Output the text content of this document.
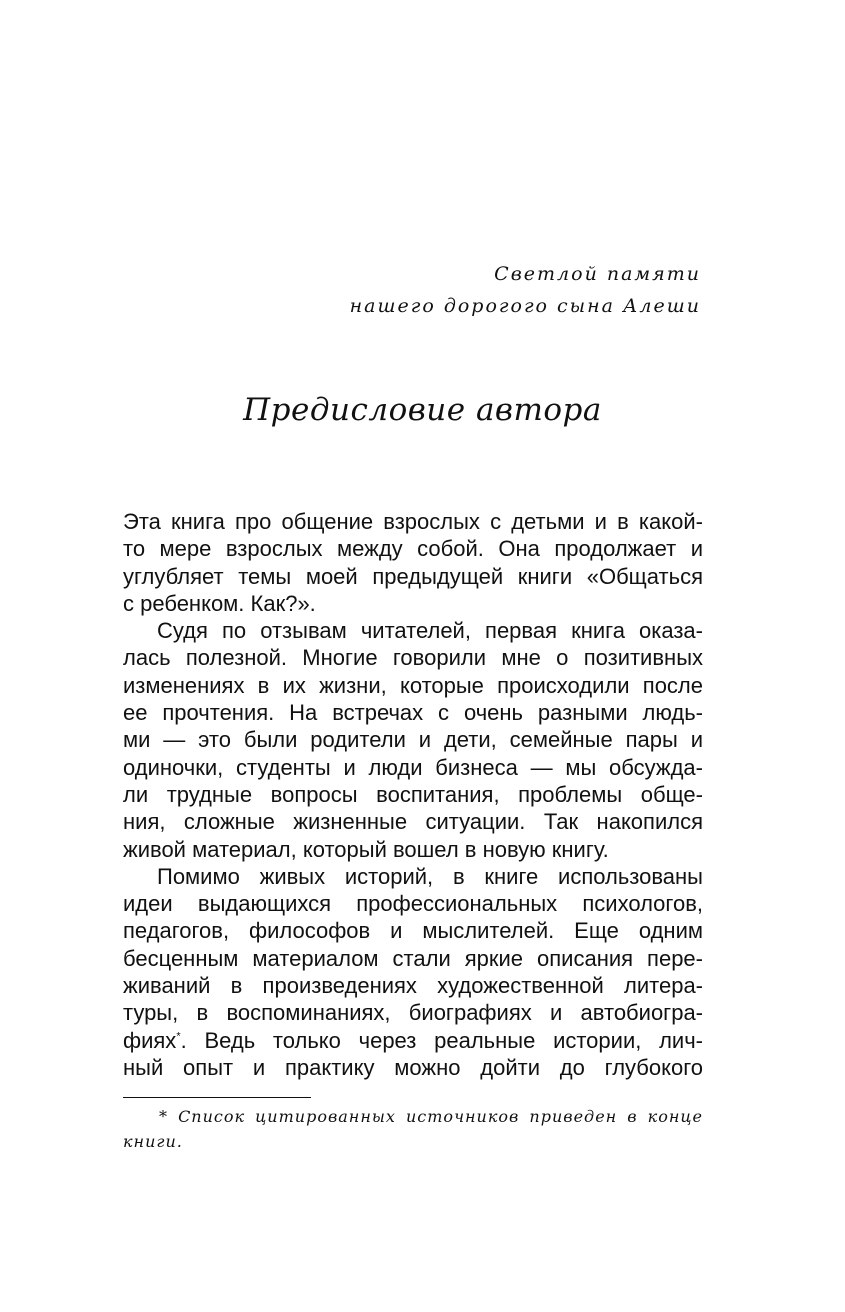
Светлой памяти
нашего дорогого сына Алеши
Предисловие автора
Эта книга про общение взрослых с детьми и в какой-
то мере взрослых между собой. Она продолжает и
углубляет темы моей предыдущей книги «Общаться
с ребенком. Как?».
Судя по отзывам читателей, первая книга оказа-
лась полезной. Многие говорили мне о позитивных
изменениях в их жизни, которые происходили после
ее прочтения. На встречах с очень разными людь-
ми — это были родители и дети, семейные пары и
одиночки, студенты и люди бизнеса — мы обсужда-
ли трудные вопросы воспитания, проблемы обще-
ния, сложные жизненные ситуации. Так накопился
живой материал, который вошел в новую книгу.
Помимо живых историй, в книге использованы
идеи выдающихся профессиональных психологов,
педагогов, философов и мыслителей. Еще одним
бесценным материалом стали яркие описания пере-
живаний в произведениях художественной литера-
туры, в воспоминаниях, биографиях и автобиогра-
фиях*. Ведь только через реальные истории, лич-
ный опыт и практику можно дойти до глубокого
* Список цитированных источников приведен в конце
книги.
